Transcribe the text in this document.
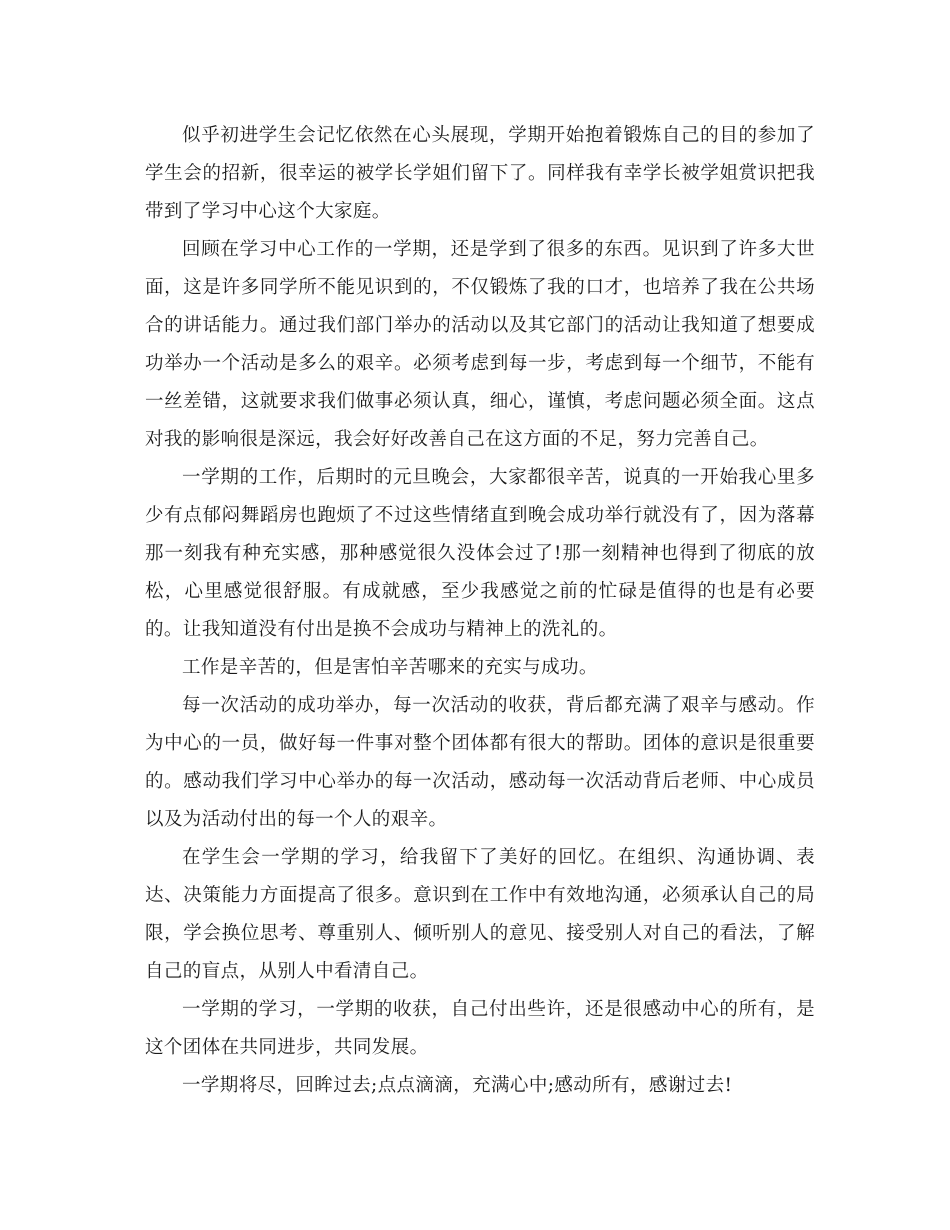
似乎初进学生会记忆依然在心头展现，学期开始抱着锻炼自己的目的参加了学生会的招新，很幸运的被学长学姐们留下了。同样我有幸学长被学姐赏识把我带到了学习中心这个大家庭。

回顾在学习中心工作的一学期，还是学到了很多的东西。见识到了许多大世面，这是许多同学所不能见识到的，不仅锻炼了我的口才，也培养了我在公共场合的讲话能力。通过我们部门举办的活动以及其它部门的活动让我知道了想要成功举办一个活动是多么的艰辛。必须考虑到每一步，考虑到每一个细节，不能有一丝差错，这就要求我们做事必须认真，细心，谨慎，考虑问题必须全面。这点对我的影响很是深远，我会好好改善自己在这方面的不足，努力完善自己。

一学期的工作，后期时的元旦晚会，大家都很辛苦，说真的一开始我心里多少有点郁闷舞蹈房也跑烦了不过这些情绪直到晚会成功举行就没有了，因为落幕那一刻我有种充实感，那种感觉很久没体会过了!那一刻精神也得到了彻底的放松，心里感觉很舒服。有成就感，至少我感觉之前的忙碌是值得的也是有必要的。让我知道没有付出是换不会成功与精神上的洗礼的。

工作是辛苦的，但是害怕辛苦哪来的充实与成功。

每一次活动的成功举办，每一次活动的收获，背后都充满了艰辛与感动。作为中心的一员，做好每一件事对整个团体都有很大的帮助。团体的意识是很重要的。感动我们学习中心举办的每一次活动，感动每一次活动背后老师、中心成员以及为活动付出的每一个人的艰辛。

在学生会一学期的学习，给我留下了美好的回忆。在组织、沟通协调、表达、决策能力方面提高了很多。意识到在工作中有效地沟通，必须承认自己的局限，学会换位思考、尊重别人、倾听别人的意见、接受别人对自己的看法，了解自己的盲点，从别人中看清自己。

一学期的学习，一学期的收获，自己付出些许，还是很感动中心的所有，是这个团体在共同进步，共同发展。

一学期将尽，回眸过去;点点滴滴，充满心中;感动所有，感谢过去!
